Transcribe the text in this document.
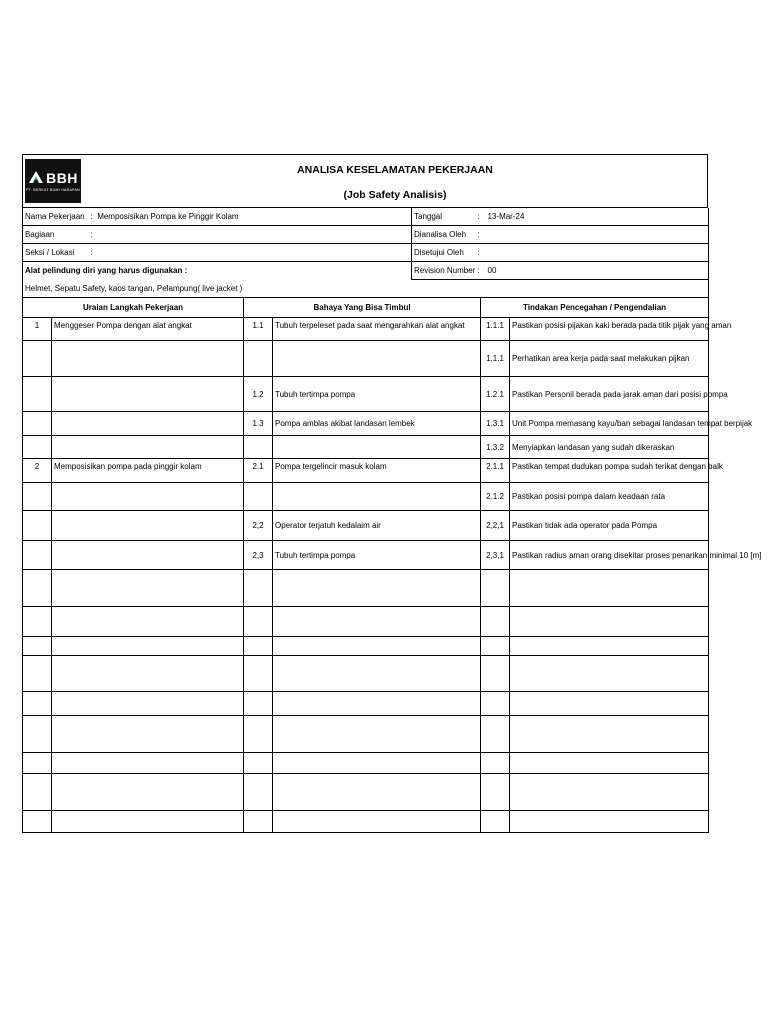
BBH
PT. BERKAT BUMI HARAPAN
ANALISA KESELAMATAN PEKERJAAN
(Job Safety Analisis)
Nama Pekerjaan	: Memposisikan Pompa ke Pinggir Kolam		Tanggal	:	13-Mar-24
Bagiaan	:		Dianalisa Oleh	:	
Seksi / Lokasi	:		Disetujui Oleh	:	
Alat pelindung diri yang harus digunakan :			Revision Number	:	00
Helmet, Sepatu Safety, kaos tangan, Pelampung( live jacket )					
Uraian Langkah Pekerjaan		Bahaya Yang Bisa Timbul		Tindakan Pencegahan / Pengendalian	
1	Menggeser Pompa dengan alat angkat	1.1	Tubuh terpeleset pada saat mengarahkan alat angkat	1.1.1	Pastikan posisi pijakan kaki berada pada titik pijak yang aman
				1.1.1	Perhatikan area kerja pada saat melakukan pijkan
		1.2	Tubuh tertimpa pompa	1.2.1	Pastikan Personil berada pada jarak aman dari posisi pompa
		1.3	Pompa amblas akibat landasan lembek	1.3.1	Unit Pompa memasang kayu/ban sebagai landasan tempat berpijak
				1.3.2	Menyiapkan landasan yang sudah dikeraskan
2	Memposisikan pompa pada pinggir kolam	2.1	Pompa tergelincir masuk kolam	2.1.1	Pastikan tempat dudukan pompa sudah terikat dengan balk
				2.1.2	Pastikan posisi pompa dalam keadaan rata
		2,2	Operator terjatuh kedalaim air	2,2,1	Pastikan tidak ada operator pada Pompa
		2,3	Tubuh tertimpa pompa	2,3,1	Pastikan radius aman orang disekitar proses penarikan minimal 10 [m]
